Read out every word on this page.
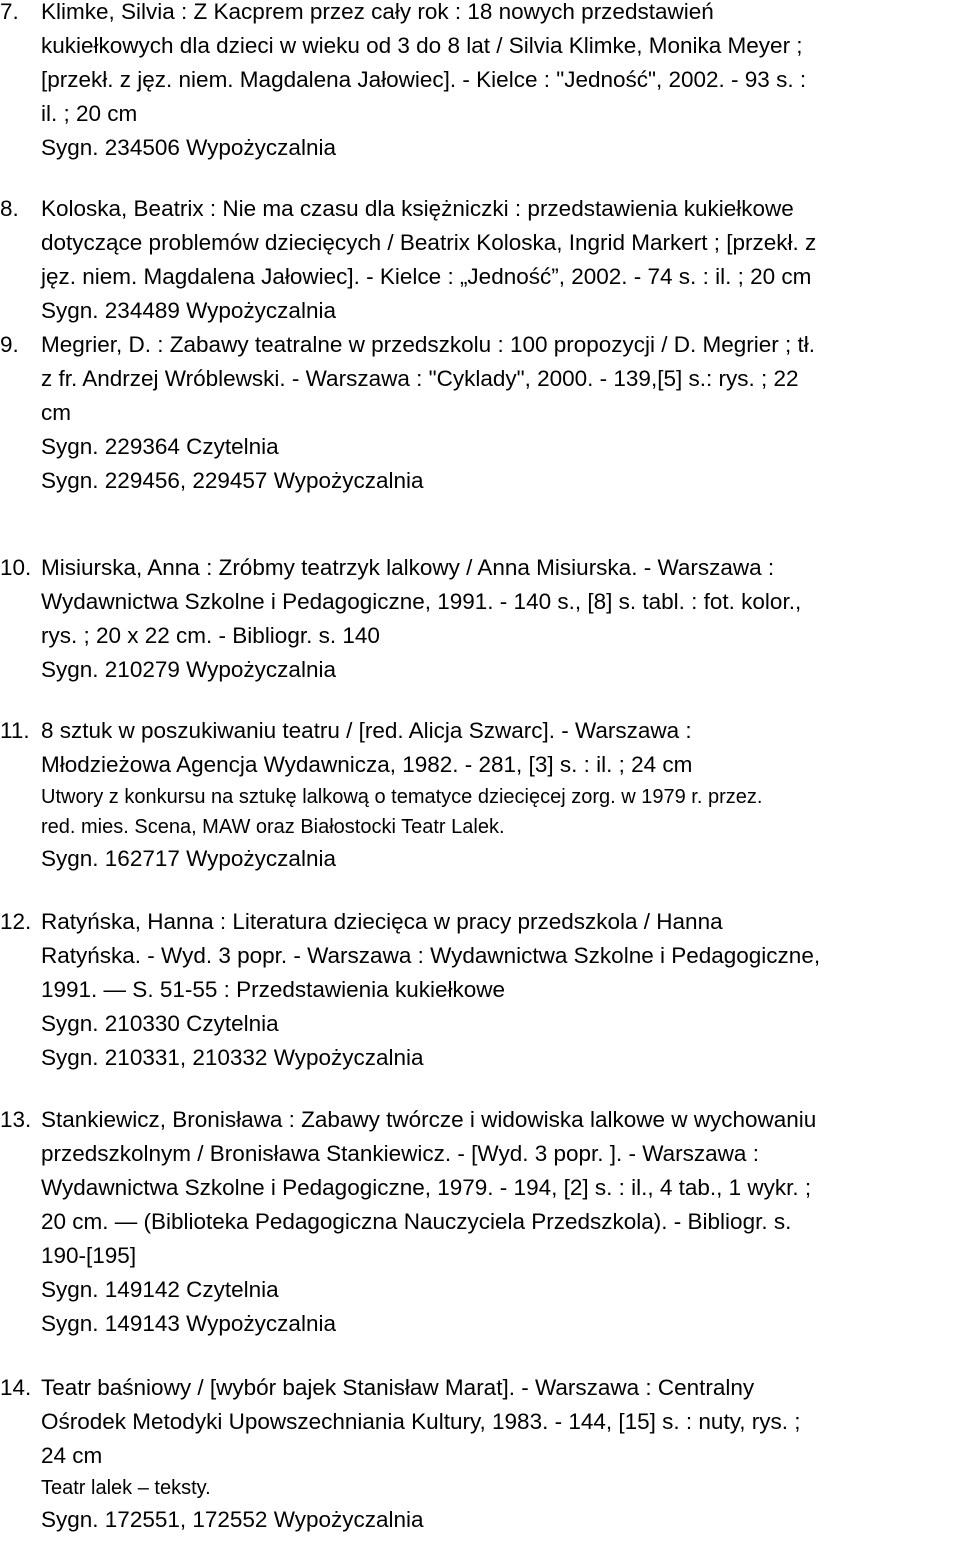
7. Klimke, Silvia : Z Kacprem przez cały rok : 18 nowych przedstawień
kukiełkowych dla dzieci w wieku od 3 do 8 lat / Silvia Klimke, Monika Meyer ;
[przekł. z jęz. niem. Magdalena Jałowiec]. - Kielce : "Jedność", 2002. - 93 s. :
il. ; 20 cm
Sygn. 234506 Wypożyczalnia
8. Koloska, Beatrix : Nie ma czasu dla księżniczki : przedstawienia kukiełkowe
dotyczące problemów dziecięcych / Beatrix Koloska, Ingrid Markert ; [przekł. z
jęz. niem. Magdalena Jałowiec]. - Kielce : „Jedność”, 2002. - 74 s. : il. ; 20 cm
Sygn. 234489 Wypożyczalnia
9. Megrier, D. : Zabawy teatralne w przedszkolu : 100 propozycji / D. Megrier ; tł.
z fr. Andrzej Wróblewski. - Warszawa : "Cyklady", 2000. - 139,[5] s.: rys. ; 22
cm
Sygn. 229364 Czytelnia
Sygn. 229456, 229457 Wypożyczalnia
10. Misiurska, Anna : Zróbmy teatrzyk lalkowy / Anna Misiurska. - Warszawa :
Wydawnictwa Szkolne i Pedagogiczne, 1991. - 140 s., [8] s. tabl. : fot. kolor.,
rys. ; 20 x 22 cm. - Bibliogr. s. 140
Sygn. 210279 Wypożyczalnia
11. 8 sztuk w poszukiwaniu teatru / [red. Alicja Szwarc]. - Warszawa :
Młodzieżowa Agencja Wydawnicza, 1982. - 281, [3] s. : il. ; 24 cm
Utwory z konkursu na sztukę lalkową o tematyce dziecięcej zorg. w 1979 r. przez.
red. mies. Scena, MAW oraz Białostocki Teatr Lalek.
Sygn. 162717 Wypożyczalnia
12. Ratyńska, Hanna : Literatura dziecięca w pracy przedszkola / Hanna
Ratyńska. - Wyd. 3 popr. - Warszawa : Wydawnictwa Szkolne i Pedagogiczne,
1991. — S. 51-55 : Przedstawienia kukiełkowe
Sygn. 210330 Czytelnia
Sygn. 210331, 210332 Wypożyczalnia
13. Stankiewicz, Bronisława : Zabawy twórcze i widowiska lalkowe w wychowaniu
przedszkolnym / Bronisława Stankiewicz. - [Wyd. 3 popr. ]. - Warszawa :
Wydawnictwa Szkolne i Pedagogiczne, 1979. - 194, [2] s. : il., 4 tab., 1 wykr. ;
20 cm. — (Biblioteka Pedagogiczna Nauczyciela Przedszkola). - Bibliogr. s.
190-[195]
Sygn. 149142 Czytelnia
Sygn. 149143 Wypożyczalnia
14. Teatr baśniowy / [wybór bajek Stanisław Marat]. - Warszawa : Centralny
Ośrodek Metodyki Upowszechniania Kultury, 1983. - 144, [15] s. : nuty, rys. ;
24 cm
Teatr lalek – teksty.
Sygn. 172551, 172552 Wypożyczalnia
